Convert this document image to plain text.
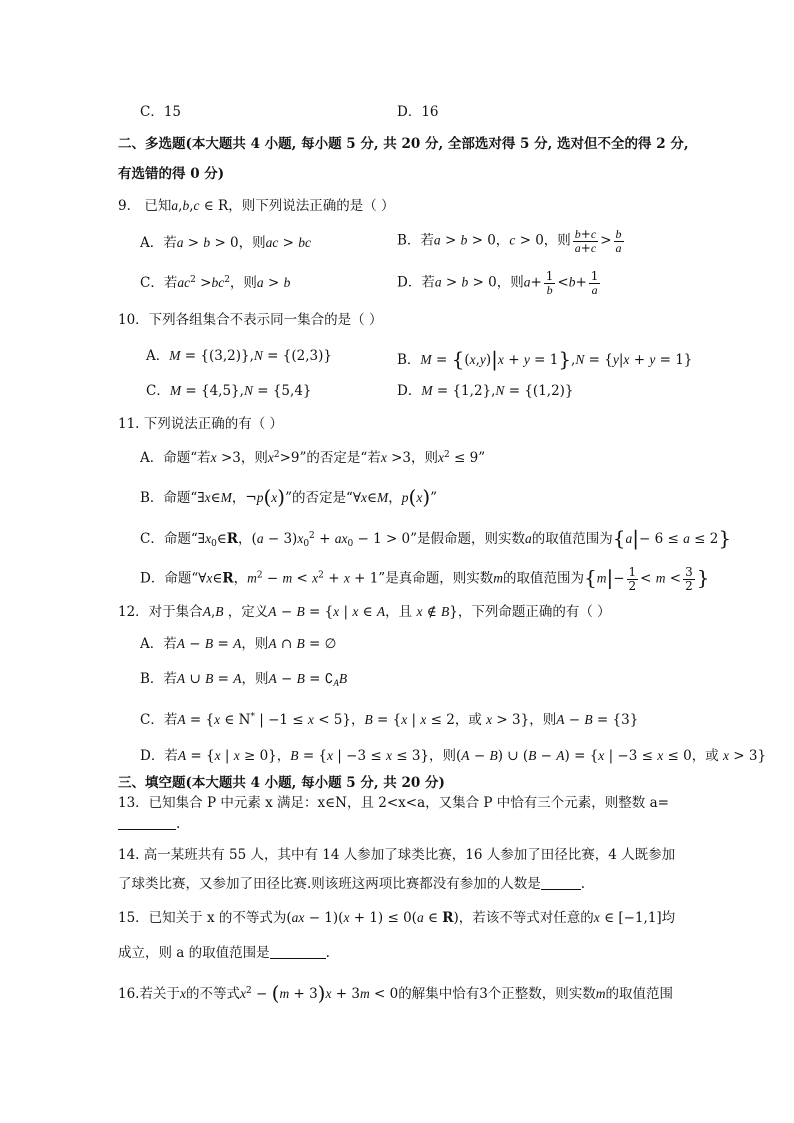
C．15	D．16
二、多选题(本大题共 4 小题, 每小题 5 分, 共 20 分, 全部选对得 5 分, 选对但不全的得 2 分,
有选错的得 0 分)
9． 已知a,b,c ∈ R，则下列说法正确的是（ ）
A．若a > b > 0，则ac > bc	B．若a > b > 0，c > 0，则 $\frac{b+c}{a+c} > \frac{b}{a}$
C．若$ac^2 >bc^2$，则a > b	D．若a > b > 0，则$a+ \frac{1}{b} <b+ \frac{1}{a}$
10．下列各组集合不表示同一集合的是（ ）
A．M = {(3,2)},N = {(2,3)}	B．M = {(x,y)|x + y = 1},N = {y|x + y = 1}
C．M = {4,5},N = {5,4}	D．M = {1,2},N = {(1,2)}
11. 下列说法正确的有（ ）
A．命题“若x >3，则$x^2>9$”的否定是“若x >3，则$x^2 \le 9$”
B．命题“∃x∈M，¬p(x)”的否定是“∀x∈M，p(x)”
C．命题“$\exists x_0\in R$，$(a - 3)x_0^2 + ax_0 - 1 > 0$”是假命题，则实数a的取值范围为{a|− 6 ≤ a ≤ 2}
D．命题“∀x∈R，$m^2 - m < x^2 + x + 1$”是真命题，则实数m的取值范围为{$m|- \frac{1}{2} < m < \frac{3}{2}$ }
12．对于集合A,B ，定义A − B = {x | x ∈ A，且 x ∉ B}，下列命题正确的有（ ）
A．若A − B = A，则A ∩ B = ∅
B．若A ∪ B = A，则$A - B = ∁_AB$
C．若A = {x ∈ N* | −1 ≤ x < 5}，B = {x | x ≤ 2，或 x > 3}，则A − B = {3}
D．若A = {x | x ≥ 0}，B = {x | −3 ≤ x ≤ 3}，则(A − B) ∪ (B − A) = {x | −3 ≤ x ≤ 0，或 x > 3}
三、填空题(本大题共 4 小题, 每小题 5 分, 共 20 分)
13．已知集合 P 中元素 x 满足：x∈N，且 2<x<a，又集合 P 中恰有三个元素，则整数 a=
.
14. 高一某班共有 55 人，其中有 14 人参加了球类比赛，16 人参加了田径比赛，4 人既参加
了球类比赛，又参加了田径比赛.则该班这两项比赛都没有参加的人数是	.
15．已知关于 x 的不等式为(ax − 1)(x + 1) ≤ 0(a ∈ R)，若该不等式对任意的x ∈ [−1,1]均
成立，则 a 的取值范围是	.
16.若关于x的不等式$x^2 - (m + 3)x + 3m < 0$的解集中恰有3个正整数，则实数m的取值范围
